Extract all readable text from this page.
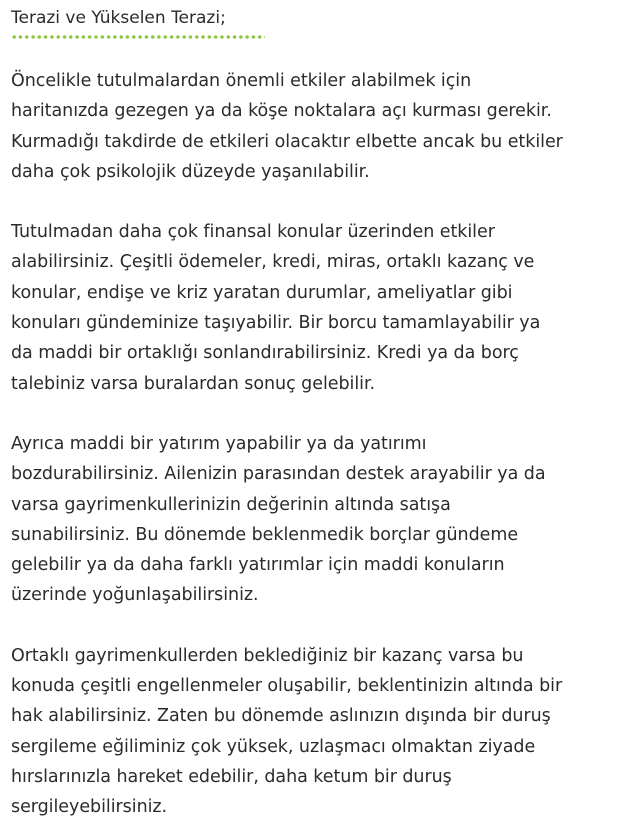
Terazi ve Yükselen Terazi;

Öncelikle tutulmalardan önemli etkiler alabilmek için
haritanızda gezegen ya da köşe noktalara açı kurması gerekir.
Kurmadığı takdirde de etkileri olacaktır elbette ancak bu etkiler
daha çok psikolojik düzeyde yaşanılabilir.

Tutulmadan daha çok finansal konular üzerinden etkiler
alabilirsiniz. Çeşitli ödemeler, kredi, miras, ortaklı kazanç ve
konular, endişe ve kriz yaratan durumlar, ameliyatlar gibi
konuları gündeminize taşıyabilir. Bir borcu tamamlayabilir ya
da maddi bir ortaklığı sonlandırabilirsiniz. Kredi ya da borç
talebiniz varsa buralardan sonuç gelebilir.

Ayrıca maddi bir yatırım yapabilir ya da yatırımı
bozdurabilirsiniz. Ailenizin parasından destek arayabilir ya da
varsa gayrimenkullerinizin değerinin altında satışa
sunabilirsiniz. Bu dönemde beklenmedik borçlar gündeme
gelebilir ya da daha farklı yatırımlar için maddi konuların
üzerinde yoğunlaşabilirsiniz.

Ortaklı gayrimenkullerden beklediğiniz bir kazanç varsa bu
konuda çeşitli engellenmeler oluşabilir, beklentinizin altında bir
hak alabilirsiniz. Zaten bu dönemde aslınızın dışında bir duruş
sergileme eğiliminiz çok yüksek, uzlaşmacı olmaktan ziyade
hırslarınızla hareket edebilir, daha ketum bir duruş
sergileyebilirsiniz.
